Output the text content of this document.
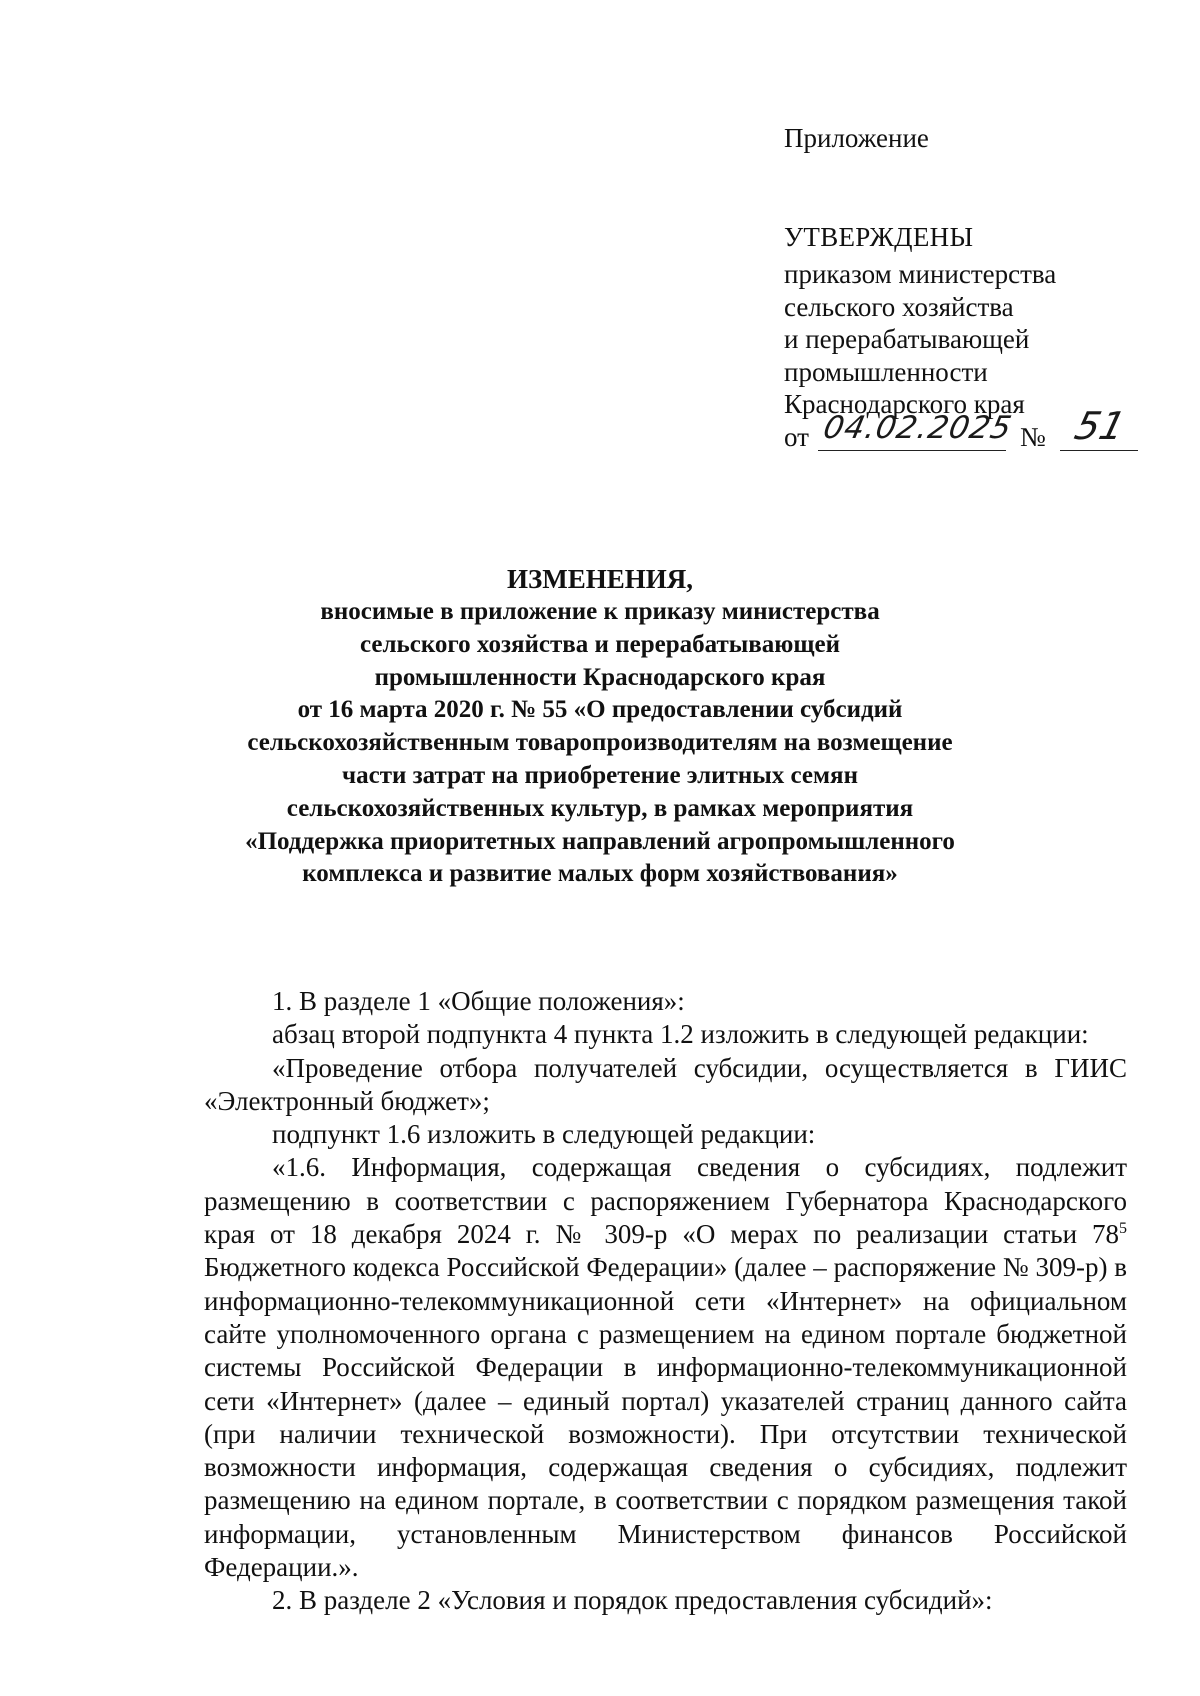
Приложение
УТВЕРЖДЕНЫ
приказом министерства
сельского хозяйства
и перерабатывающей
промышленности
Краснодарского края
от 04.02.2025 № 51
ИЗМЕНЕНИЯ,
вносимые в приложение к приказу министерства
сельского хозяйства и перерабатывающей
промышленности Краснодарского края
от 16 марта 2020 г. № 55 «О предоставлении субсидий
сельскохозяйственным товаропроизводителям на возмещение
части затрат на приобретение элитных семян
сельскохозяйственных культур, в рамках мероприятия
«Поддержка приоритетных направлений агропромышленного
комплекса и развитие малых форм хозяйствования»

1. В разделе 1 «Общие положения»:

абзац второй подпункта 4 пункта 1.2 изложить в следующей редакции:

«Проведение отбора получателей субсидии, осуществляется в ГИИС «Электронный бюджет»;

подпункт 1.6 изложить в следующей редакции:

«1.6. Информация, содержащая сведения о субсидиях, подлежит размещению в соответствии с распоряжением Губернатора Краснодарского края от 18 декабря 2024 г. № 309-р «О мерах по реализации статьи $78^5$ Бюджетного кодекса Российской Федерации» (далее – распоряжение № 309-р) в информационно-телекоммуникационной сети «Интернет» на официальном сайте уполномоченного органа с размещением на едином портале бюджетной системы Российской Федерации в информационно-телекоммуникационной сети «Интернет» (далее – единый портал) указателей страниц данного сайта (при наличии технической возможности). При отсутствии технической возможности информация, содержащая сведения о субсидиях, подлежит размещению на едином портале, в соответствии с порядком размещения такой информации, установленным Министерством финансов Российской Федерации.».

2. В разделе 2 «Условия и порядок предоставления субсидий»:
